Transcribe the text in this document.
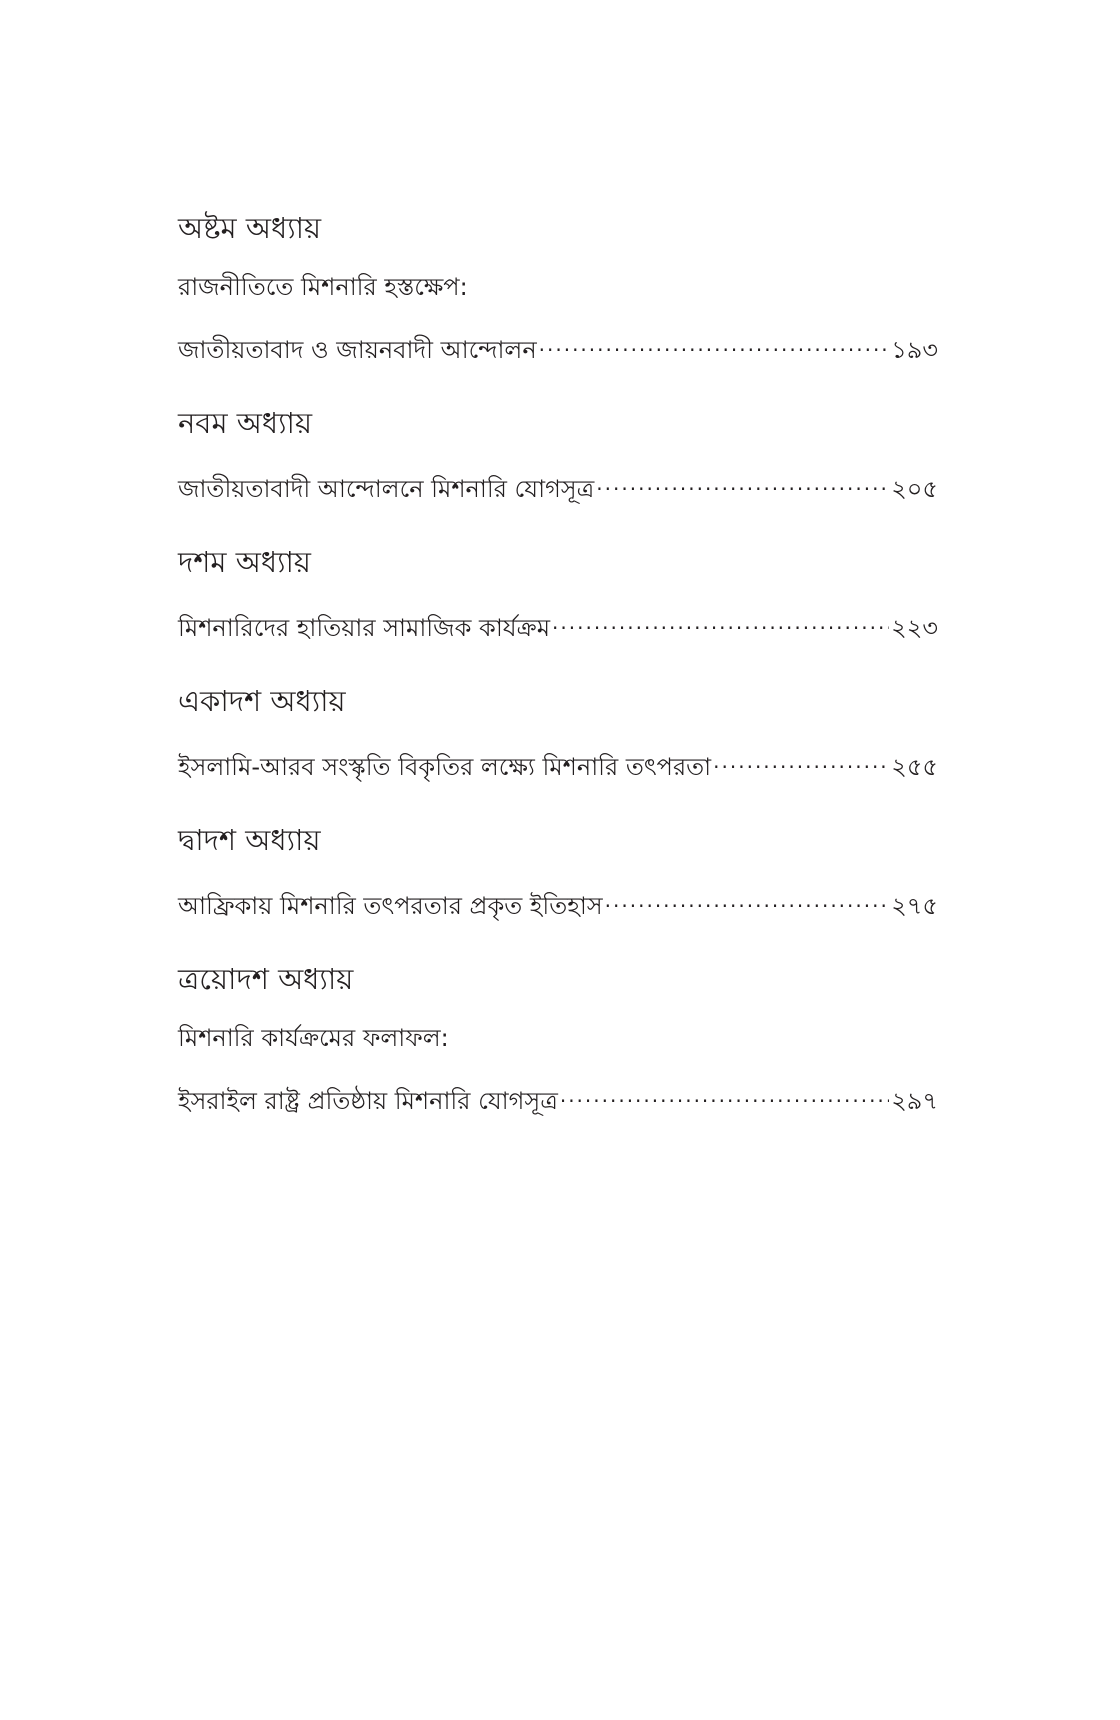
অষ্টম অধ্যায়
রাজনীতিতে মিশনারি হস্তক্ষেপ:
জাতীয়তাবাদ ও জায়নবাদী আন্দোলন .....	১৯৩
নবম অধ্যায়
জাতীয়তাবাদী আন্দোলনে মিশনারি যোগসূত্র .....	২০৫
দশম অধ্যায়
মিশনারিদের হাতিয়ার সামাজিক কার্যক্রম .....	২২৩
একাদশ অধ্যায়
ইসলামি-আরব সংস্কৃতি বিকৃতির লক্ষ্যে মিশনারি তৎপরতা .....	২৫৫
দ্বাদশ অধ্যায়
আফ্রিকায় মিশনারি তৎপরতার প্রকৃত ইতিহাস .....	২৭৫
ত্রয়োদশ অধ্যায়
মিশনারি কার্যক্রমের ফলাফল:
ইসরাইল রাষ্ট্র প্রতিষ্ঠায় মিশনারি যোগসূত্র .....	২৯৭
